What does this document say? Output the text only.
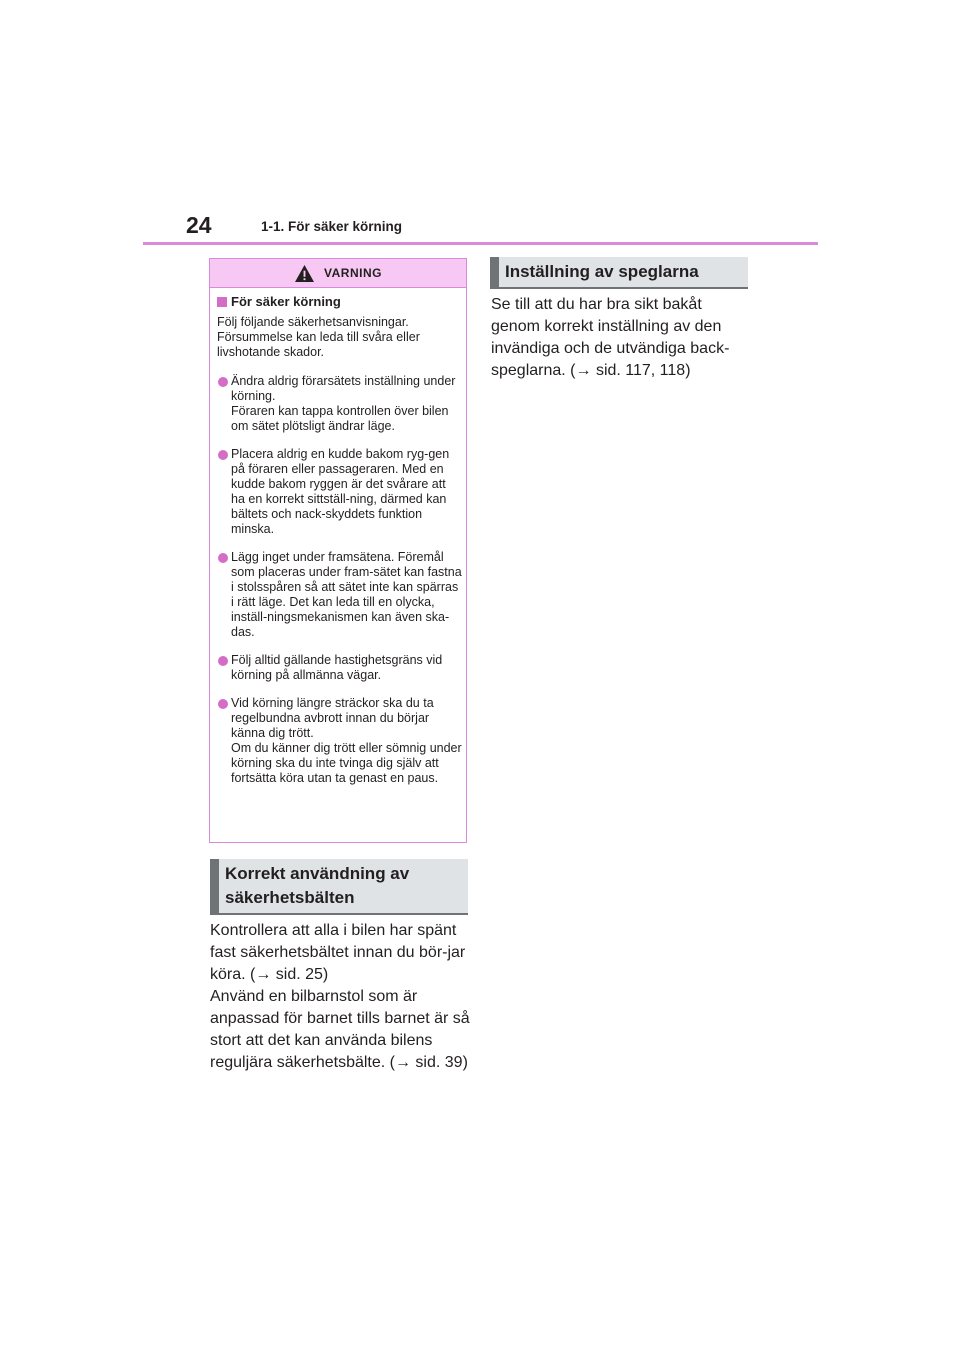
24	1-1. För säker körning
VARNING
För säker körning
Följ följande säkerhetsanvisningar. Försummelse kan leda till svåra eller livshotande skador.
Ändra aldrig förarsätets inställning under körning.
Föraren kan tappa kontrollen över bilen om sätet plötsligt ändrar läge.
Placera aldrig en kudde bakom ryg-gen på föraren eller passageraren. Med en kudde bakom ryggen är det svårare att ha en korrekt sittställ-ning, därmed kan bältets och nack-skyddets funktion minska.
Lägg inget under framsätena. Föremål som placeras under fram-sätet kan fastna i stolsspåren så att sätet inte kan spärras i rätt läge. Det kan leda till en olycka, inställ-ningsmekanismen kan även ska-das.
Följ alltid gällande hastighetsgräns vid körning på allmänna vägar.
Vid körning längre sträckor ska du ta regelbundna avbrott innan du börjar känna dig trött.
Om du känner dig trött eller sömnig under körning ska du inte tvinga dig själv att fortsätta köra utan ta genast en paus.
Korrekt användning av säkerhetsbälten

Kontrollera att alla i bilen har spänt fast säkerhetsbältet innan du bör-jar köra. (→ sid. 25)

Använd en bilbarnstol som är anpassad för barnet tills barnet är så stort att det kan använda bilens reguljära säkerhetsbälte. (→ sid. 39)

Inställning av speglarna

Se till att du har bra sikt bakåt genom korrekt inställning av den invändiga och de utvändiga back-speglarna. (→ sid. 117, 118)
